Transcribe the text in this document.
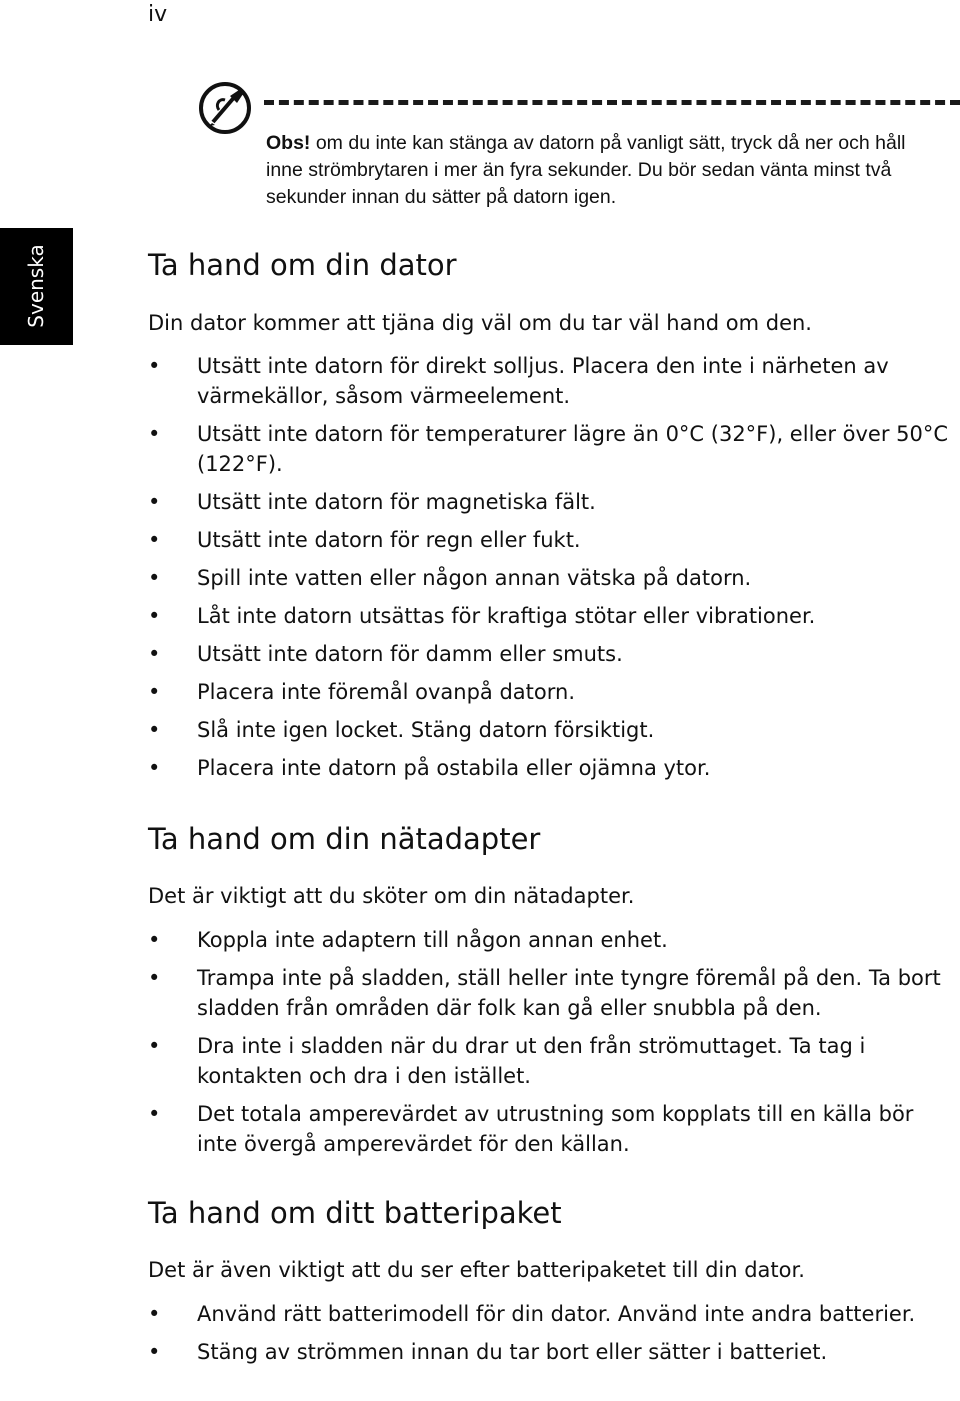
iv
Svenska
Obs! om du inte kan stänga av datorn på vanligt sätt, tryck då ner och håll inne strömbrytaren i mer än fyra sekunder. Du bör sedan vänta minst två sekunder innan du sätter på datorn igen.
Ta hand om din dator

Din dator kommer att tjäna dig väl om du tar väl hand om den.

• Utsätt inte datorn för direkt solljus. Placera den inte i närheten av värmekällor, såsom värmeelement.
• Utsätt inte datorn för temperaturer lägre än 0°C (32°F), eller över 50°C (122°F).
• Utsätt inte datorn för magnetiska fält.
• Utsätt inte datorn för regn eller fukt.
• Spill inte vatten eller någon annan vätska på datorn.
• Låt inte datorn utsättas för kraftiga stötar eller vibrationer.
• Utsätt inte datorn för damm eller smuts.
• Placera inte föremål ovanpå datorn.
• Slå inte igen locket. Stäng datorn försiktigt.
• Placera inte datorn på ostabila eller ojämna ytor.
Ta hand om din nätadapter

Det är viktigt att du sköter om din nätadapter.

• Koppla inte adaptern till någon annan enhet.
• Trampa inte på sladden, ställ heller inte tyngre föremål på den. Ta bort sladden från områden där folk kan gå eller snubbla på den.
• Dra inte i sladden när du drar ut den från strömuttaget. Ta tag i kontakten och dra i den istället.
• Det totala amperevärdet av utrustning som kopplats till en källa bör inte övergå amperevärdet för den källan.
Ta hand om ditt batteripaket

Det är även viktigt att du ser efter batteripaketet till din dator.

• Använd rätt batterimodell för din dator. Använd inte andra batterier.
• Stäng av strömmen innan du tar bort eller sätter i batteriet.
